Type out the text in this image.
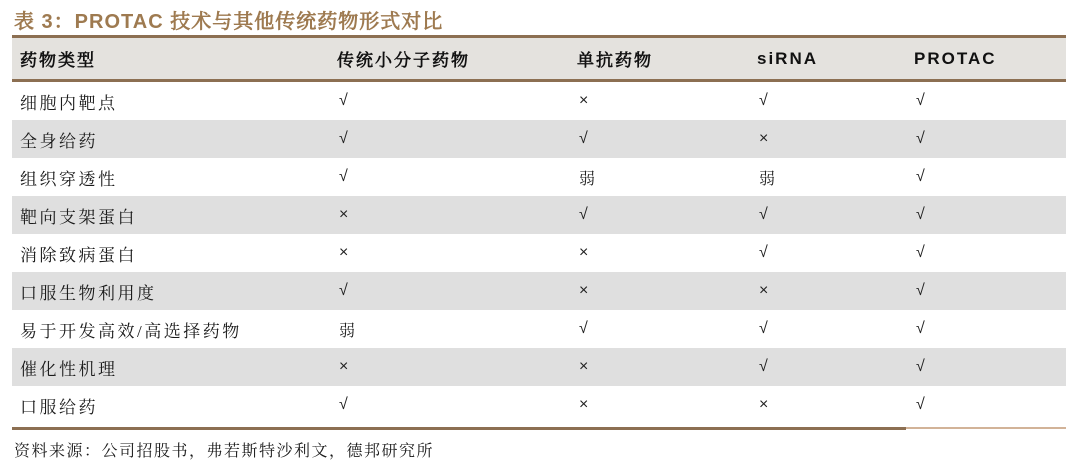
表 3：PROTAC 技术与其他传统药物形式对比
药物类型	传统小分子药物	单抗药物	siRNA	PROTAC
细胞内靶点	√	×	√	√
全身给药	√	√	×	√
组织穿透性	√	弱	弱	√
靶向支架蛋白	×	√	√	√
消除致病蛋白	×	×	√	√
口服生物利用度	√	×	×	√
易于开发高效/高选择药物	弱	√	√	√
催化性机理	×	×	√	√
口服给药	√	×	×	√
资料来源：公司招股书，弗若斯特沙利文，德邦研究所
